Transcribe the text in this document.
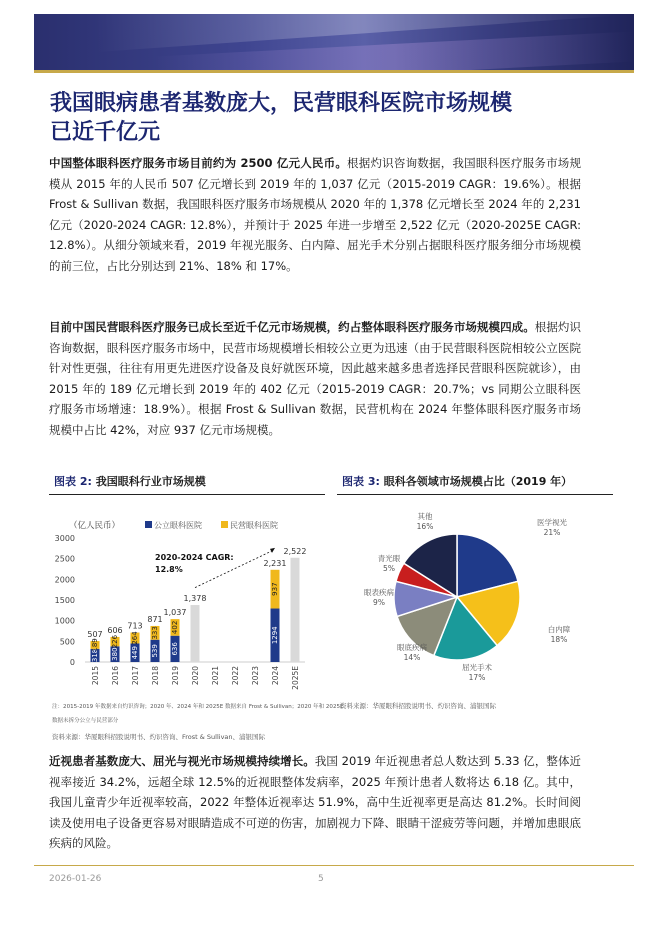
我国眼病患者基数庞大，民营眼科医院市场规模已近千亿元

中国整体眼科医疗服务市场目前约为 2500 亿元人民币。根据灼识咨询数据，我国眼科医疗服务市场规模从 2015 年的人民币 507 亿元增长到 2019 年的 1,037 亿元（2015-2019 CAGR：19.6%）。根据 Frost & Sullivan 数据，我国眼科医疗服务市场规模从 2020 年的 1,378 亿元增长至 2024 年的 2,231 亿元（2020-2024 CAGR: 12.8%），并预计于 2025 年进一步增至 2,522 亿元（2020-2025E CAGR: 12.8%）。从细分领域来看，2019 年视光服务、白内障、屈光手术分别占据眼科医疗服务细分市场规模的前三位，占比分别达到 21%、18% 和 17%。

目前中国民营眼科医疗服务已成长至近千亿元市场规模，约占整体眼科医疗服务市场规模四成。根据灼识咨询数据，眼科医疗服务市场中，民营市场规模增长相较公立更为迅速（由于民营眼科医院相较公立医院针对性更强，往往有用更先进医疗设备及良好就医环境，因此越来越多患者选择民营眼科医院就诊），由 2015 年的 189 亿元增长到 2019 年的 402 亿元（2015-2019 CAGR：20.7%；vs 同期公立眼科医疗服务市场增速：18.9%）。根据 Frost & Sullivan 数据，民营机构在 2024 年整体眼科医疗服务市场规模中占比 42%，对应 937 亿元市场规模。

图表 2: 我国眼科行业市场规模
（亿人民币）	公立眼科医院	民营眼科医院
0
500
1000
1500
2000
2500
3000
318
189
507
2015
380
226
606
2016
449
264
713
2017
539
333
871
2018
636
402
1,037
2019
1,378
2020 2021 2022 2023
1294
937
2,231
2024
2,522
2025E
2020-2024 CAGR:
12.8%
注：2015-2019 年数据来自灼识咨询；2020 年、2024 年和 2025E 数据来自 Frost & Sullivan；2020 年和 2025E
数据未拆分公立与民营部分
资料来源：华厦眼科招股说明书、灼识咨询、Frost & Sullivan、浦银国际
图表 3: 眼科各领域市场规模占比（2019 年）
医学视光
21%
白内障
18%
屈光手术
17%
眼底疾病
14%
眼表疾病
9%
青光眼
5%
其他
16%
资料来源：华厦眼科招股说明书、灼识咨询、浦银国际

近视患者基数庞大、屈光与视光市场规模持续增长。我国 2019 年近视患者总人数达到 5.33 亿，整体近视率接近 34.2%，远超全球 12.5%的近视眼整体发病率，2025 年预计患者人数将达 6.18 亿。其中，我国儿童青少年近视率较高，2022 年整体近视率达 51.9%，高中生近视率更是高达 81.2%。长时间阅读及使用电子设备更容易对眼睛造成不可逆的伤害，加剧视力下降、眼睛干涩疲劳等问题，并增加患眼底疾病的风险。

2026-01-26	5
